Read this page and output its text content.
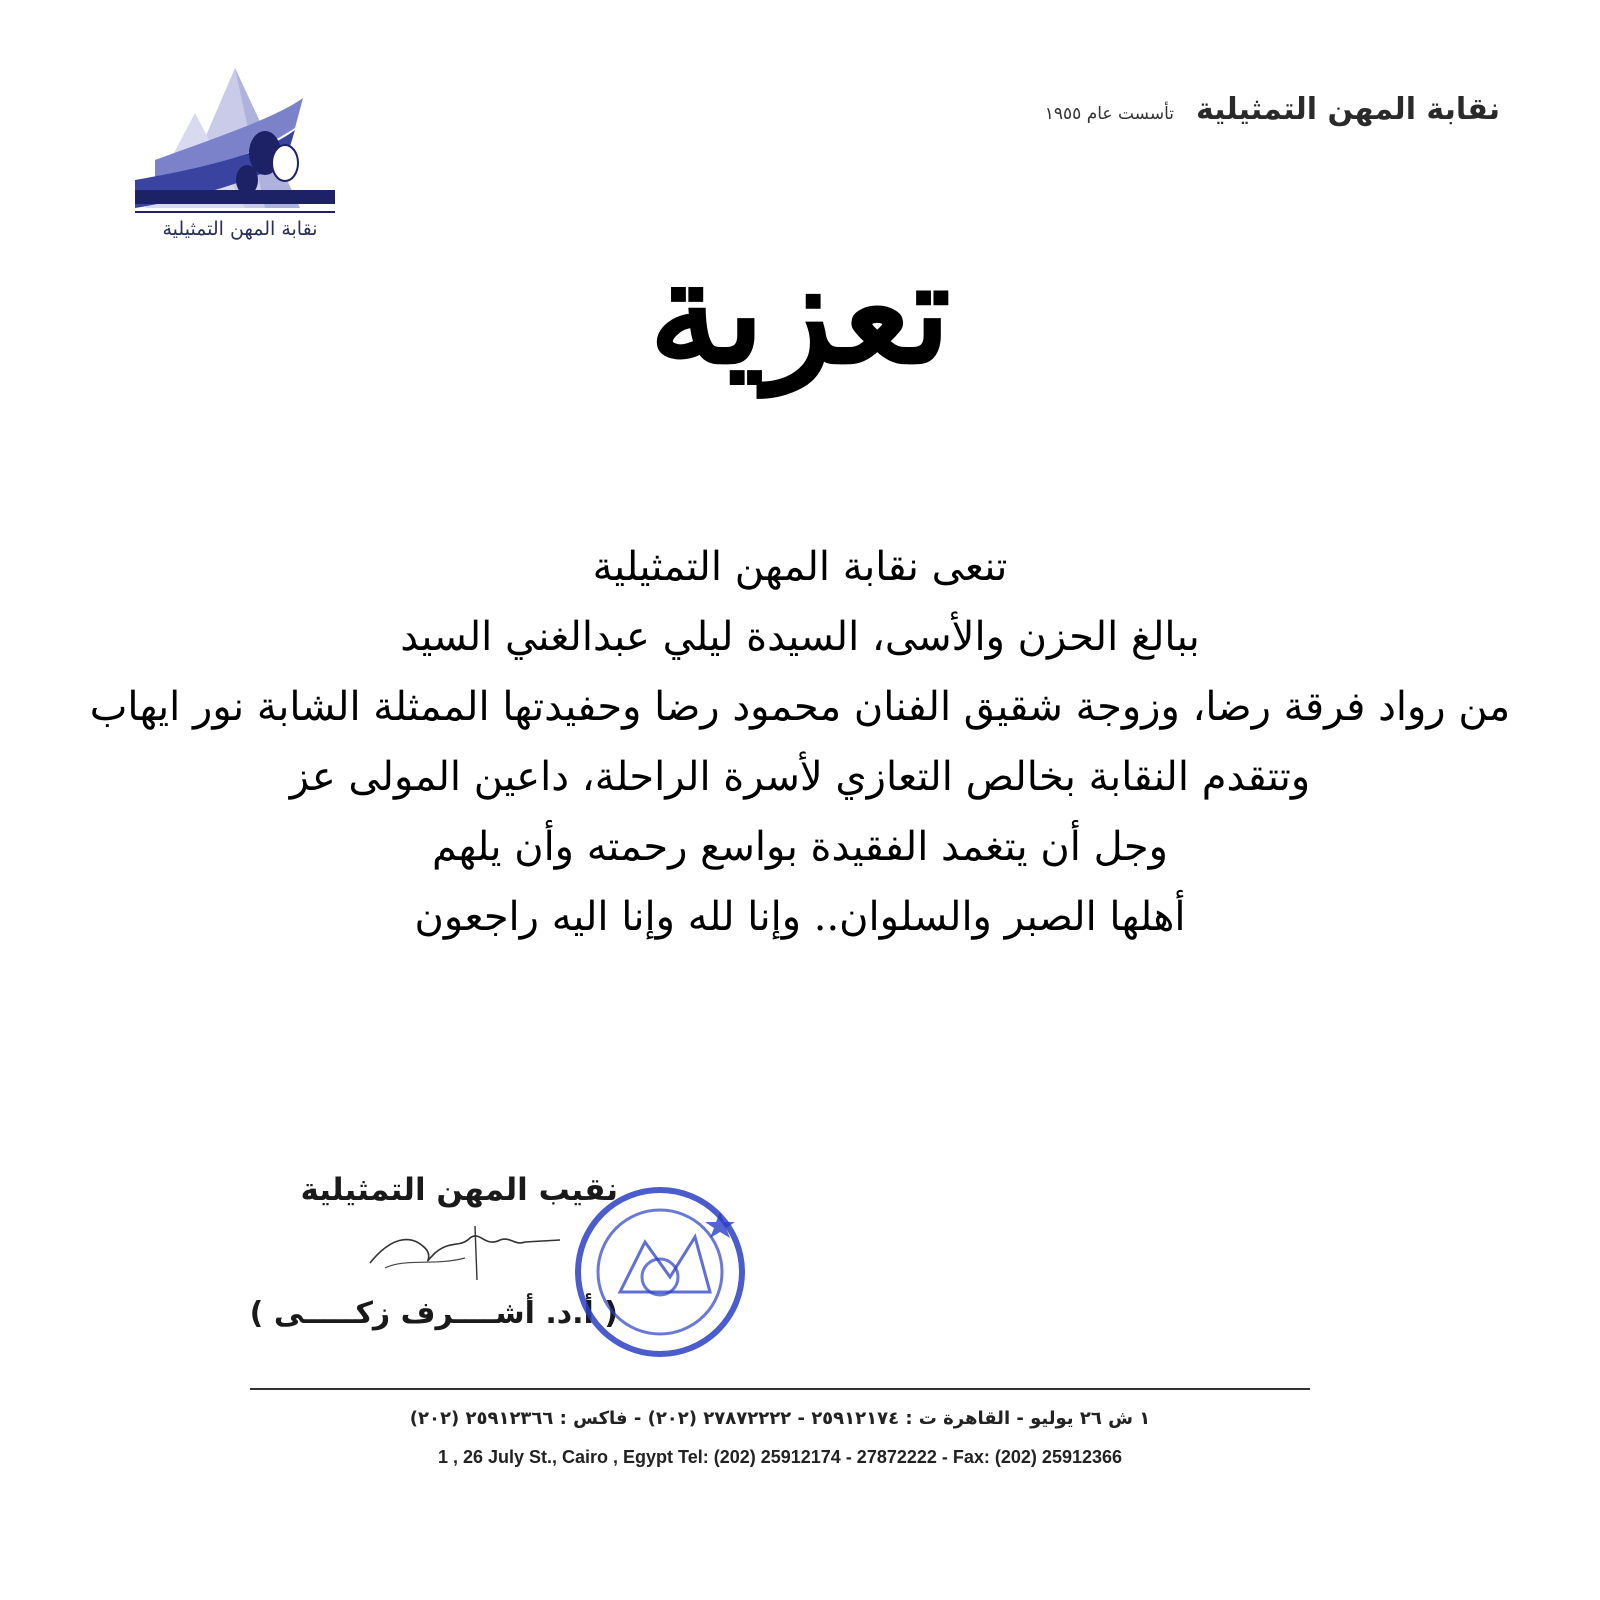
نقابة المهن التمثيلية
نقابة المهن التمثيلية
تأسست عام ١٩٥٥
تعزية
تنعى نقابة المهن التمثيلية
ببالغ الحزن والأسى، السيدة ليلي عبدالغني السيد
من رواد فرقة رضا، وزوجة شقيق الفنان محمود رضا وحفيدتها الممثلة الشابة نور ايهاب
وتتقدم النقابة بخالص التعازي لأسرة الراحلة، داعين المولى عز
وجل أن يتغمد الفقيدة بواسع رحمته وأن يلهم
أهلها الصبر والسلوان.. وإنا لله وإنا اليه راجعون
نقيب المهن التمثيلية
( أ.د. أشــــرف زكـــــى )
١ ش ٢٦ يوليو - القاهرة ت : ٢٥٩١٢١٧٤ - ٢٧٨٧٢٢٢٢ (٢٠٢) - فاكس : ٢٥٩١٢٣٦٦ (٢٠٢)
1 , 26 July St., Cairo , Egypt Tel: (202) 25912174 - 27872222 - Fax: (202) 25912366
